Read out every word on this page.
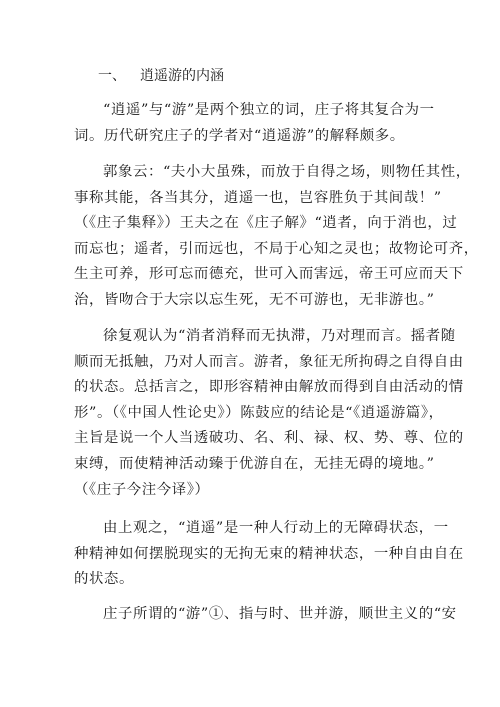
一、 逍遥游的内涵
“逍遥”与“游”是两个独立的词，庄子将其复合为一
词。历代研究庄子的学者对“逍遥游”的解释颇多。
郭象云：“夫小大虽殊，而放于自得之场，则物任其性，
事称其能，各当其分，逍遥一也，岂容胜负于其间哉！”
（《庄子集释》）王夫之在《庄子解》“逍者，向于消也，过
而忘也；遥者，引而远也，不局于心知之灵也；故物论可齐，
生主可养，形可忘而德充，世可入而害远，帝王可应而天下
治，皆吻合于大宗以忘生死，无不可游也，无非游也。”
徐复观认为“消者消释而无执滞，乃对理而言。摇者随
顺而无抵触，乃对人而言。游者，象征无所拘碍之自得自由
的状态。总括言之，即形容精神由解放而得到自由活动的情
形”。（《中国人性论史》）陈鼓应的结论是“《逍遥游篇》，
主旨是说一个人当透破功、名、利、禄、权、势、尊、位的
束缚，而使精神活动臻于优游自在，无挂无碍的境地。”
（《庄子今注今译》）
由上观之，“逍遥”是一种人行动上的无障碍状态，一
种精神如何摆脱现实的无拘无束的精神状态，一种自由自在
的状态。
庄子所谓的“游”①、指与时、世并游，顺世主义的“安
